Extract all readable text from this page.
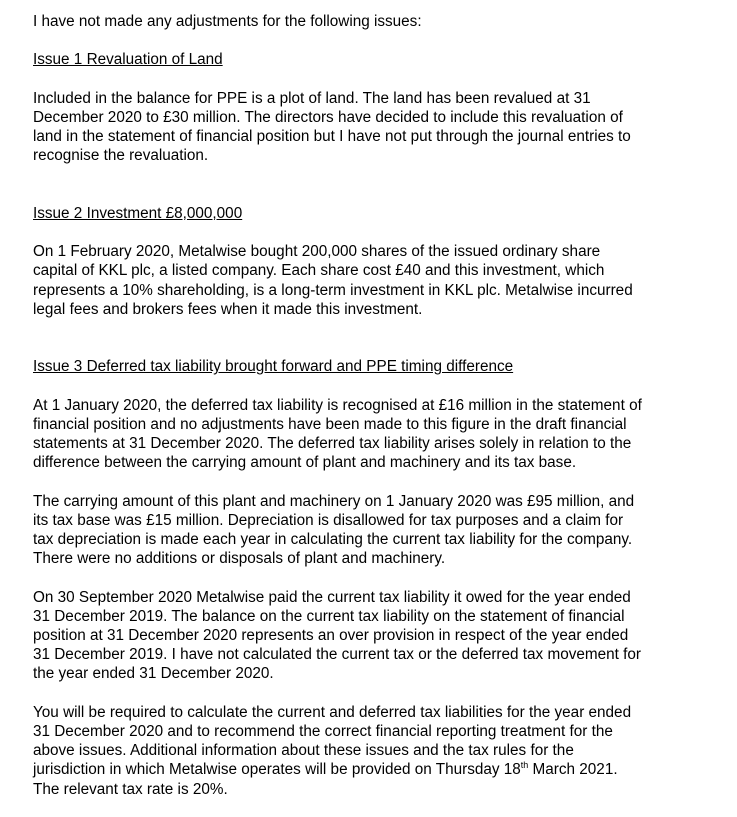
I have not made any adjustments for the following issues:
Issue 1 Revaluation of Land
Included in the balance for PPE is a plot of land. The land has been revalued at 31
December 2020 to £30 million. The directors have decided to include this revaluation of
land in the statement of financial position but I have not put through the journal entries to
recognise the revaluation.
Issue 2 Investment £8,000,000
On 1 February 2020, Metalwise bought 200,000 shares of the issued ordinary share
capital of KKL plc, a listed company. Each share cost £40 and this investment, which
represents a 10% shareholding, is a long-term investment in KKL plc. Metalwise incurred
legal fees and brokers fees when it made this investment.
Issue 3 Deferred tax liability brought forward and PPE timing difference
At 1 January 2020, the deferred tax liability is recognised at £16 million in the statement of
financial position and no adjustments have been made to this figure in the draft financial
statements at 31 December 2020. The deferred tax liability arises solely in relation to the
difference between the carrying amount of plant and machinery and its tax base.
The carrying amount of this plant and machinery on 1 January 2020 was £95 million, and
its tax base was £15 million. Depreciation is disallowed for tax purposes and a claim for
tax depreciation is made each year in calculating the current tax liability for the company.
There were no additions or disposals of plant and machinery.
On 30 September 2020 Metalwise paid the current tax liability it owed for the year ended
31 December 2019. The balance on the current tax liability on the statement of financial
position at 31 December 2020 represents an over provision in respect of the year ended
31 December 2019. I have not calculated the current tax or the deferred tax movement for
the year ended 31 December 2020.
You will be required to calculate the current and deferred tax liabilities for the year ended
31 December 2020 and to recommend the correct financial reporting treatment for the
above issues. Additional information about these issues and the tax rules for the
jurisdiction in which Metalwise operates will be provided on Thursday 18th March 2021.
The relevant tax rate is 20%.
